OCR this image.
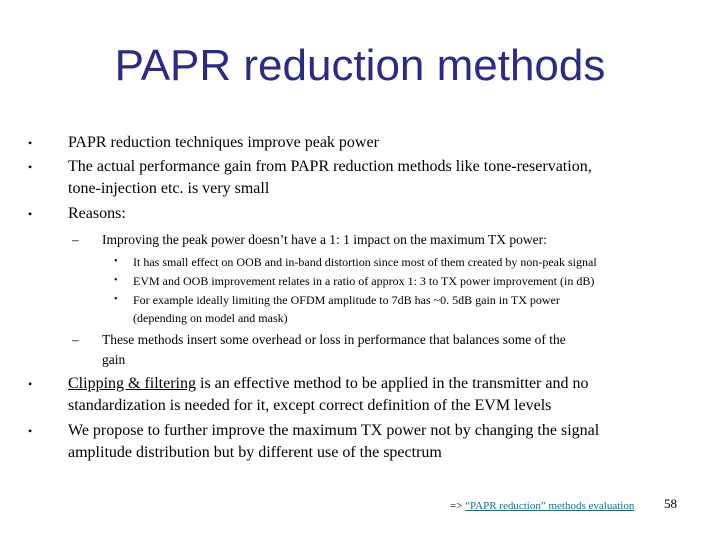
PAPR reduction methods
• PAPR reduction techniques improve peak power
• The actual performance gain from PAPR reduction methods like tone-reservation,
tone-injection etc. is very small
• Reasons:
– Improving the peak power doesn’t have a 1: 1 impact on the maximum TX power:
• It has small effect on OOB and in-band distortion since most of them created by non-peak signal
• EVM and OOB improvement relates in a ratio of approx 1: 3 to TX power improvement (in dB)
• For example ideally limiting the OFDM amplitude to 7dB has ~0. 5dB gain in TX power
(depending on model and mask)
– These methods insert some overhead or loss in performance that balances some of the
gain
• Clipping & filtering is an effective method to be applied in the transmitter and no
standardization is needed for it, except correct definition of the EVM levels
• We propose to further improve the maximum TX power not by changing the signal
amplitude distribution but by different use of the spectrum
=> “PAPR reduction” methods evaluation 58
